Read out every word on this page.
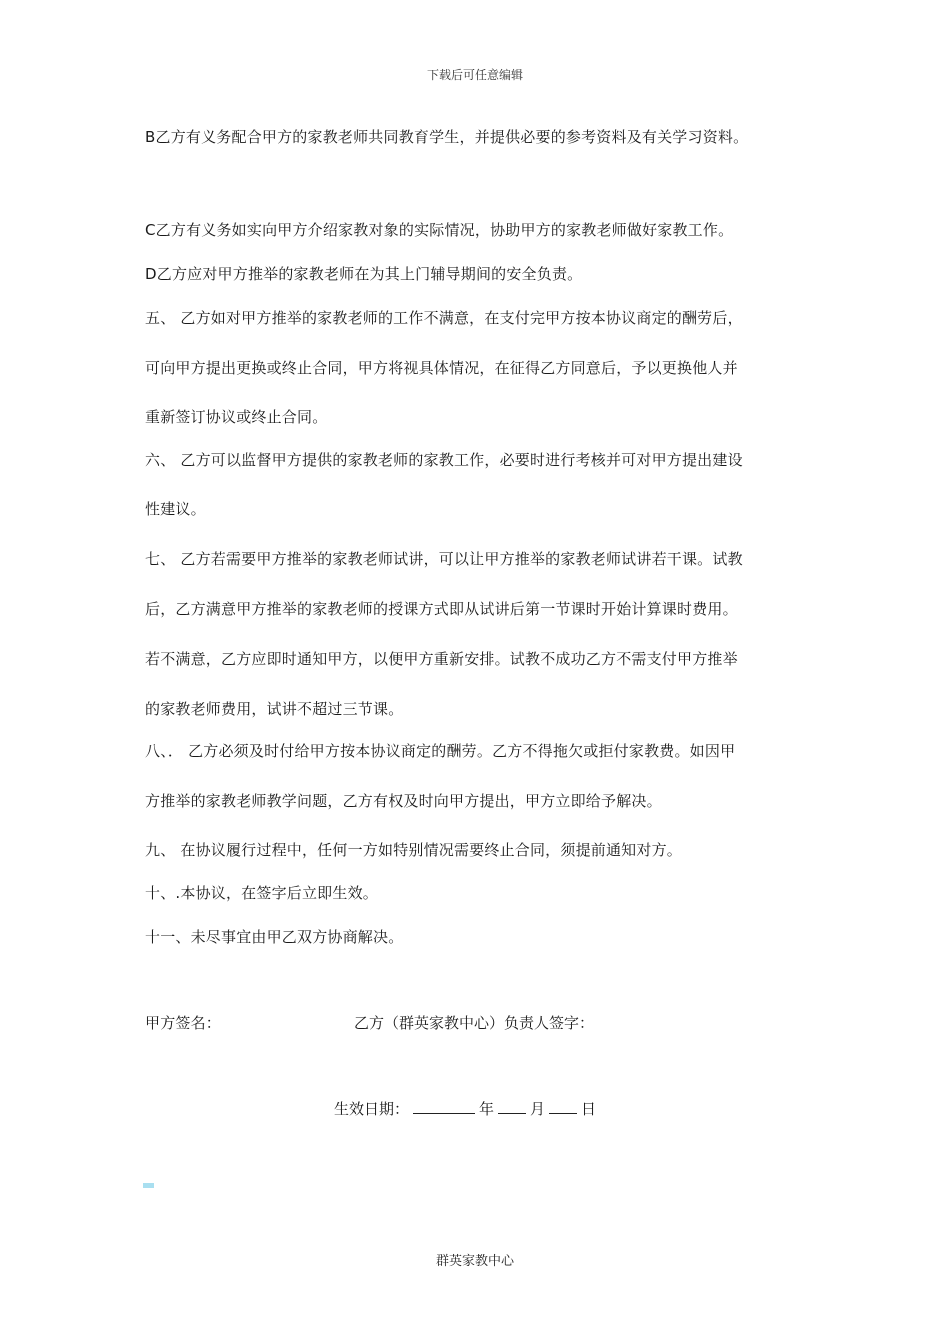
下载后可任意编辑
B乙方有义务配合甲方的家教老师共同教育学生，并提供必要的参考资料及有关学习资料。
C乙方有义务如实向甲方介绍家教对象的实际情况，协助甲方的家教老师做好家教工作。
D乙方应对甲方推举的家教老师在为其上门辅导期间的安全负责。
五、 乙方如对甲方推举的家教老师的工作不满意，在支付完甲方按本协议商定的酬劳后，
可向甲方提出更换或终止合同，甲方将视具体情况，在征得乙方同意后，予以更换他人并
重新签订协议或终止合同。
六、 乙方可以监督甲方提供的家教老师的家教工作，必要时进行考核并可对甲方提出建设
性建议。
七、 乙方若需要甲方推举的家教老师试讲，可以让甲方推举的家教老师试讲若干课。试教
后，乙方满意甲方推举的家教老师的授课方式即从试讲后第一节课时开始计算课时费用。
若不满意，乙方应即时通知甲方，以便甲方重新安排。试教不成功乙方不需支付甲方推举
的家教老师费用，试讲不超过三节课。
八、． 乙方必须及时付给甲方按本协议商定的酬劳。乙方不得拖欠或拒付家教费。如因甲
方推举的家教老师教学问题，乙方有权及时向甲方提出，甲方立即给予解决。
九、 在协议履行过程中，任何一方如特别情况需要终止合同，须提前通知对方。
十、.本协议，在签字后立即生效。
十一、未尽事宜由甲乙双方协商解决。
甲方签名：	乙方（群英家教中心）负责人签字：
生效日期：	年 月 日
群英家教中心
